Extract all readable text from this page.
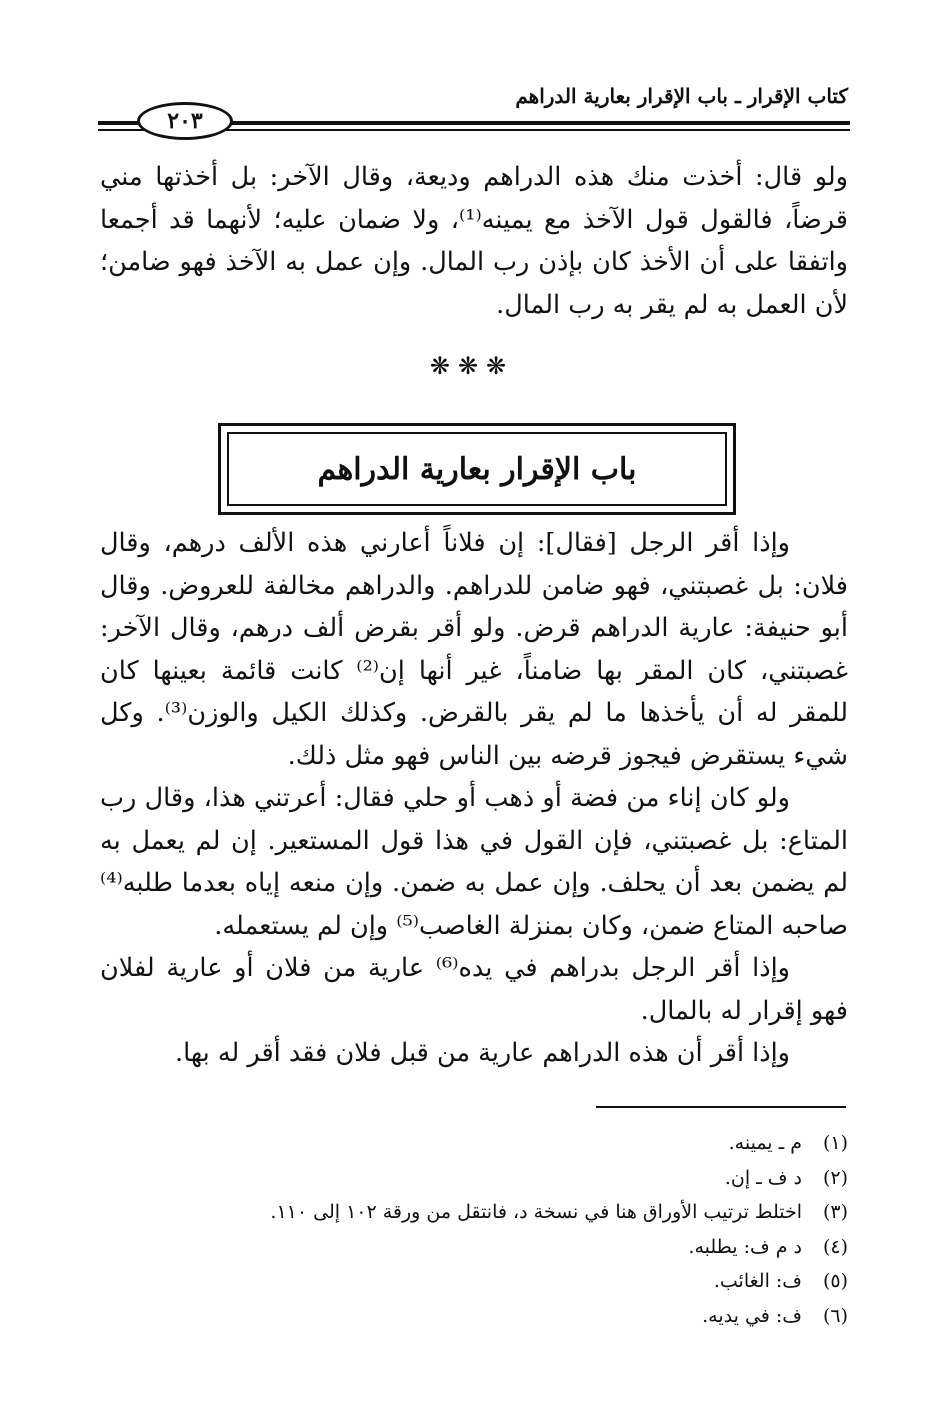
كتاب الإقرار ـ باب الإقرار بعارية الدراهم
٢٠٣

ولو قال: أخذت منك هذه الدراهم وديعة، وقال الآخر: بل أخذتها مني قرضاً، فالقول قول الآخذ مع يمينه⁽¹⁾، ولا ضمان عليه؛ لأنهما قد أجمعا واتفقا على أن الأخذ كان بإذن رب المال. وإن عمل به الآخذ فهو ضامن؛ لأن العمل به لم يقر به رب المال.

❋❋❋
باب الإقرار بعارية الدراهم

وإذا أقر الرجل [فقال]: إن فلاناً أعارني هذه الألف درهم، وقال فلان: بل غصبتني، فهو ضامن للدراهم. والدراهم مخالفة للعروض. وقال أبو حنيفة: عارية الدراهم قرض. ولو أقر بقرض ألف درهم، وقال الآخر: غصبتني، كان المقر بها ضامناً، غير أنها إن⁽²⁾ كانت قائمة بعينها كان للمقر له أن يأخذها ما لم يقر بالقرض. وكذلك الكيل والوزن⁽³⁾. وكل شيء يستقرض فيجوز قرضه بين الناس فهو مثل ذلك.

ولو كان إناء من فضة أو ذهب أو حلي فقال: أعرتني هذا، وقال رب المتاع: بل غصبتني، فإن القول في هذا قول المستعير. إن لم يعمل به لم يضمن بعد أن يحلف. وإن عمل به ضمن. وإن منعه إياه بعدما طلبه⁽⁴⁾ صاحبه المتاع ضمن، وكان بمنزلة الغاصب⁽⁵⁾ وإن لم يستعمله.

وإذا أقر الرجل بدراهم في يده⁽⁶⁾ عارية من فلان أو عارية لفلان فهو إقرار له بالمال.

وإذا أقر أن هذه الدراهم عارية من قبل فلان فقد أقر له بها.

(١)
م ـ يمينه.
(٢)
د ف ـ إن.
(٣)
اختلط ترتيب الأوراق هنا في نسخة د، فانتقل من ورقة ١٠٢ إلى ١١٠.
(٤)
د م ف: يطلبه.
(٥)
ف: الغائب.
(٦)
ف: في يديه.
